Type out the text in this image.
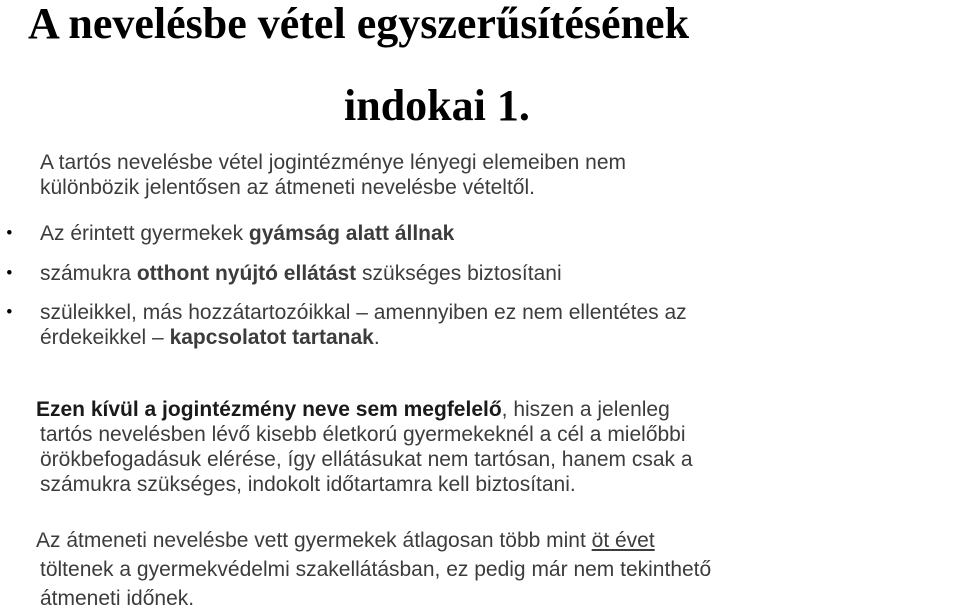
A nevelésbe vétel egyszerűsítésének
indokai 1.
A tartós nevelésbe vétel jogintézménye lényegi elemeiben nem
különbözik jelentősen az átmeneti nevelésbe vételtől.
• Az érintett gyermekek gyámság alatt állnak
• számukra otthont nyújtó ellátást szükséges biztosítani
• szüleikkel, más hozzátartozóikkal – amennyiben ez nem ellentétes az
érdekeikkel – kapcsolatot tartanak.
Ezen kívül a jogintézmény neve sem megfelelő, hiszen a jelenleg
tartós nevelésben lévő kisebb életkorú gyermekeknél a cél a mielőbbi
örökbefogadásuk elérése, így ellátásukat nem tartósan, hanem csak a
számukra szükséges, indokolt időtartamra kell biztosítani.
Az átmeneti nevelésbe vett gyermekek átlagosan több mint öt évet
töltenek a gyermekvédelmi szakellátásban, ez pedig már nem tekinthető
átmeneti időnek.
